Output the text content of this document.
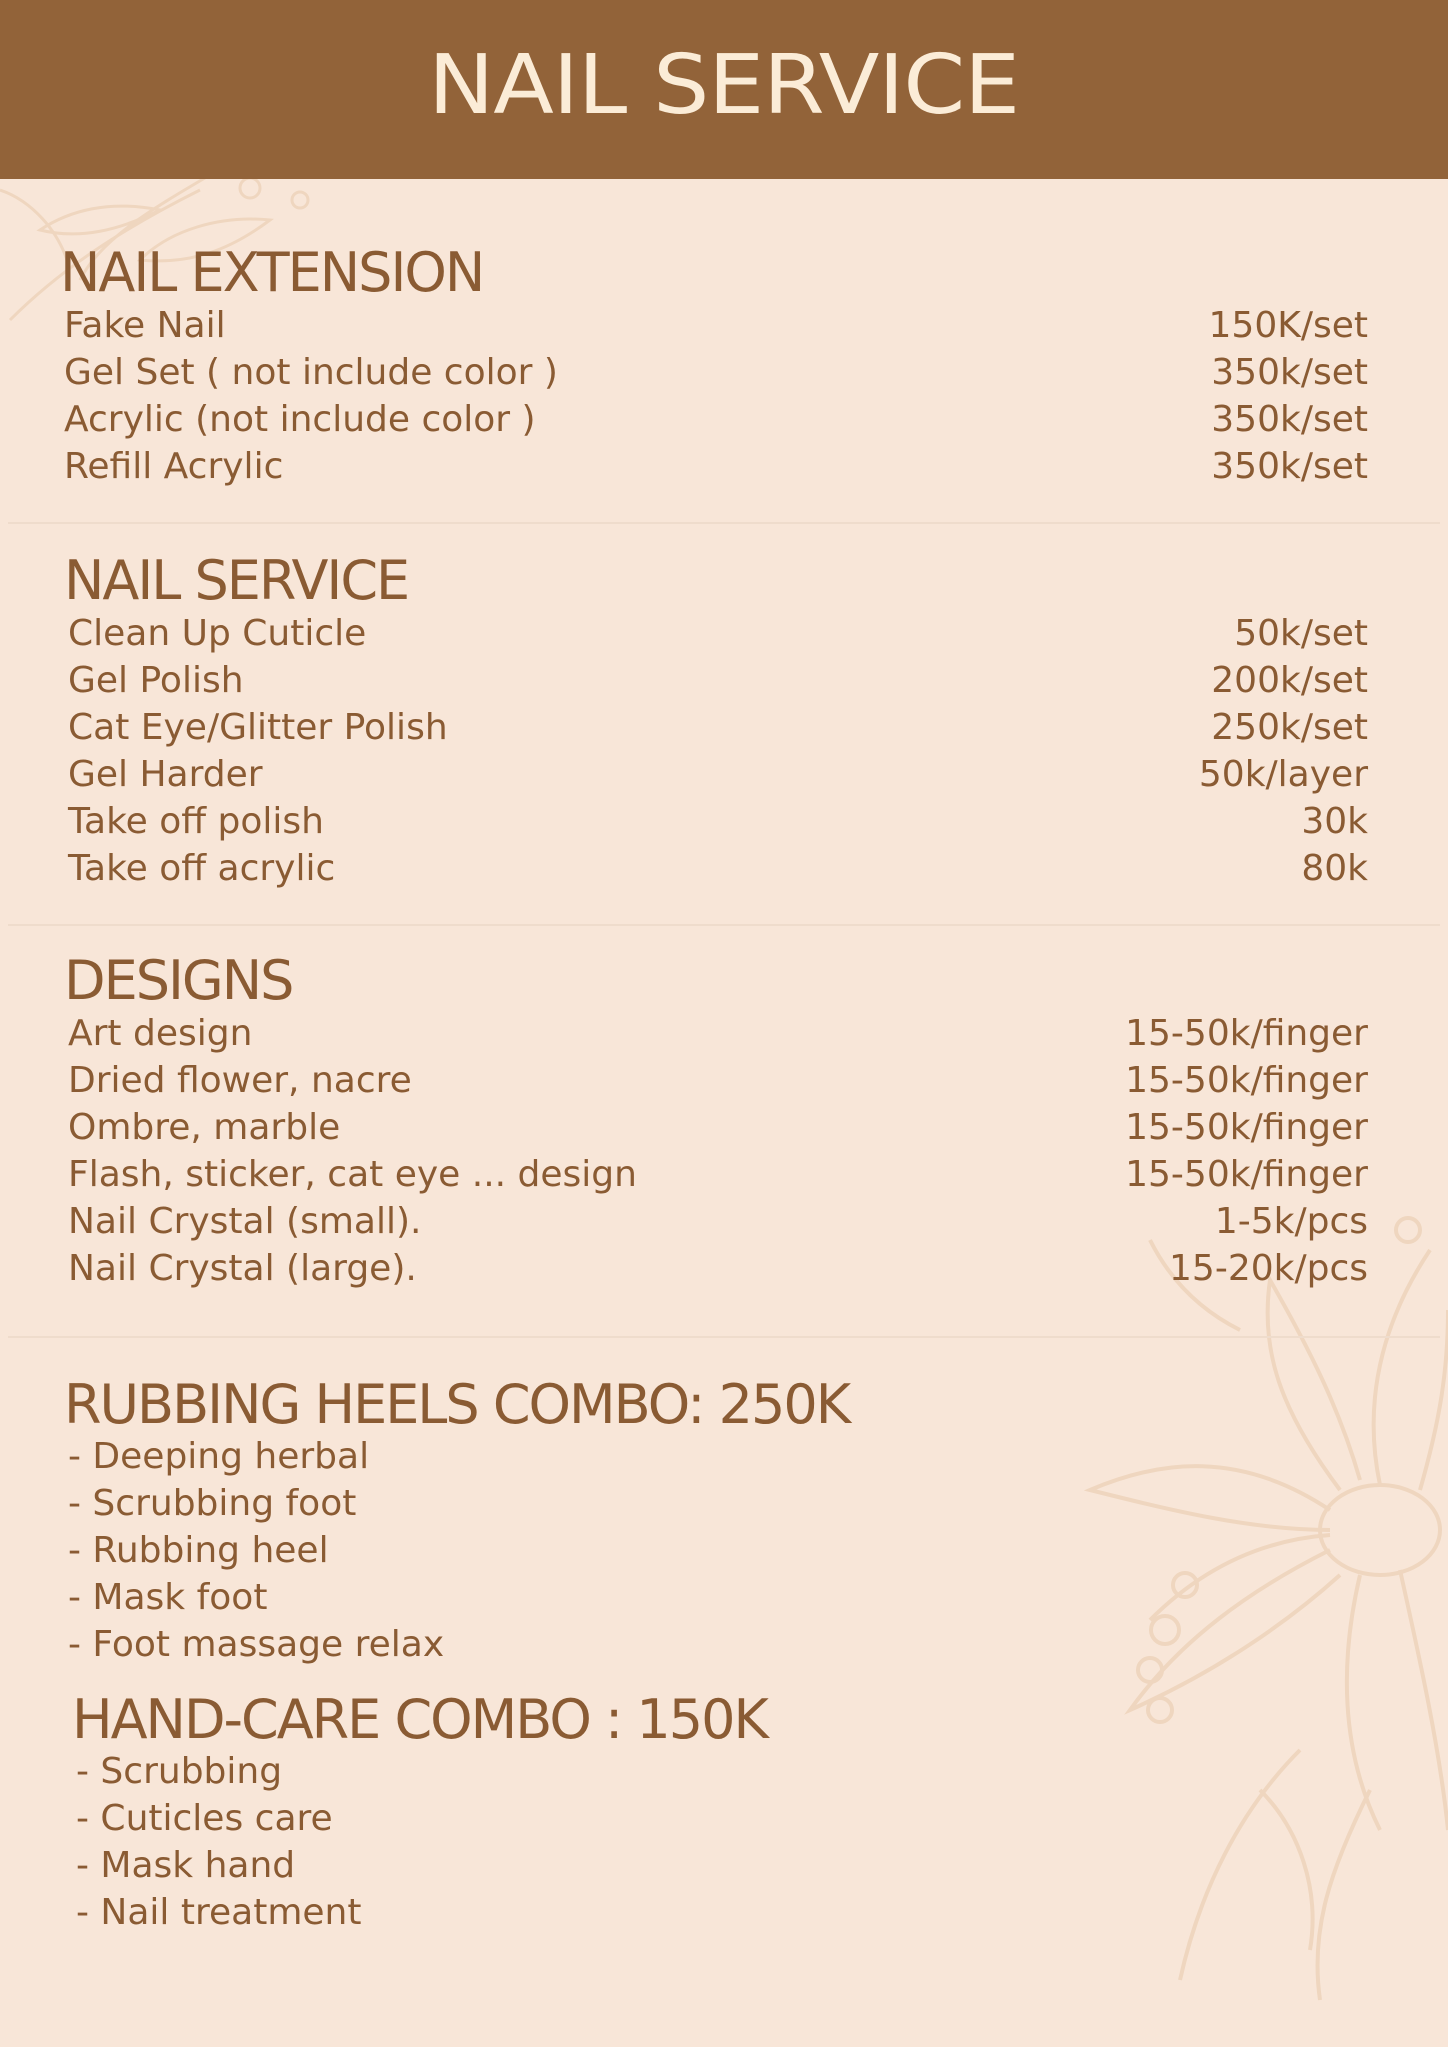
NAIL SERVICE
NAIL EXTENSION
Fake Nail	150K/set
Gel Set ( not include color )	350k/set
Acrylic (not include color )	350k/set
Refill Acrylic	350k/set
NAIL SERVICE
Clean Up Cuticle	50k/set
Gel Polish	200k/set
Cat Eye/Glitter Polish	250k/set
Gel Harder	50k/layer
Take off polish	30k
Take off acrylic	80k
DESIGNS
Art design	15-50k/finger
Dried flower, nacre	15-50k/finger
Ombre, marble	15-50k/finger
Flash, sticker, cat eye ... design	15-50k/finger
Nail Crystal (small).	1-5k/pcs
Nail Crystal (large).	15-20k/pcs
RUBBING HEELS COMBO: 250K
- Deeping herbal
- Scrubbing foot
- Rubbing heel
- Mask foot
- Foot massage relax
HAND-CARE COMBO : 150K
- Scrubbing
- Cuticles care
- Mask hand
- Nail treatment
